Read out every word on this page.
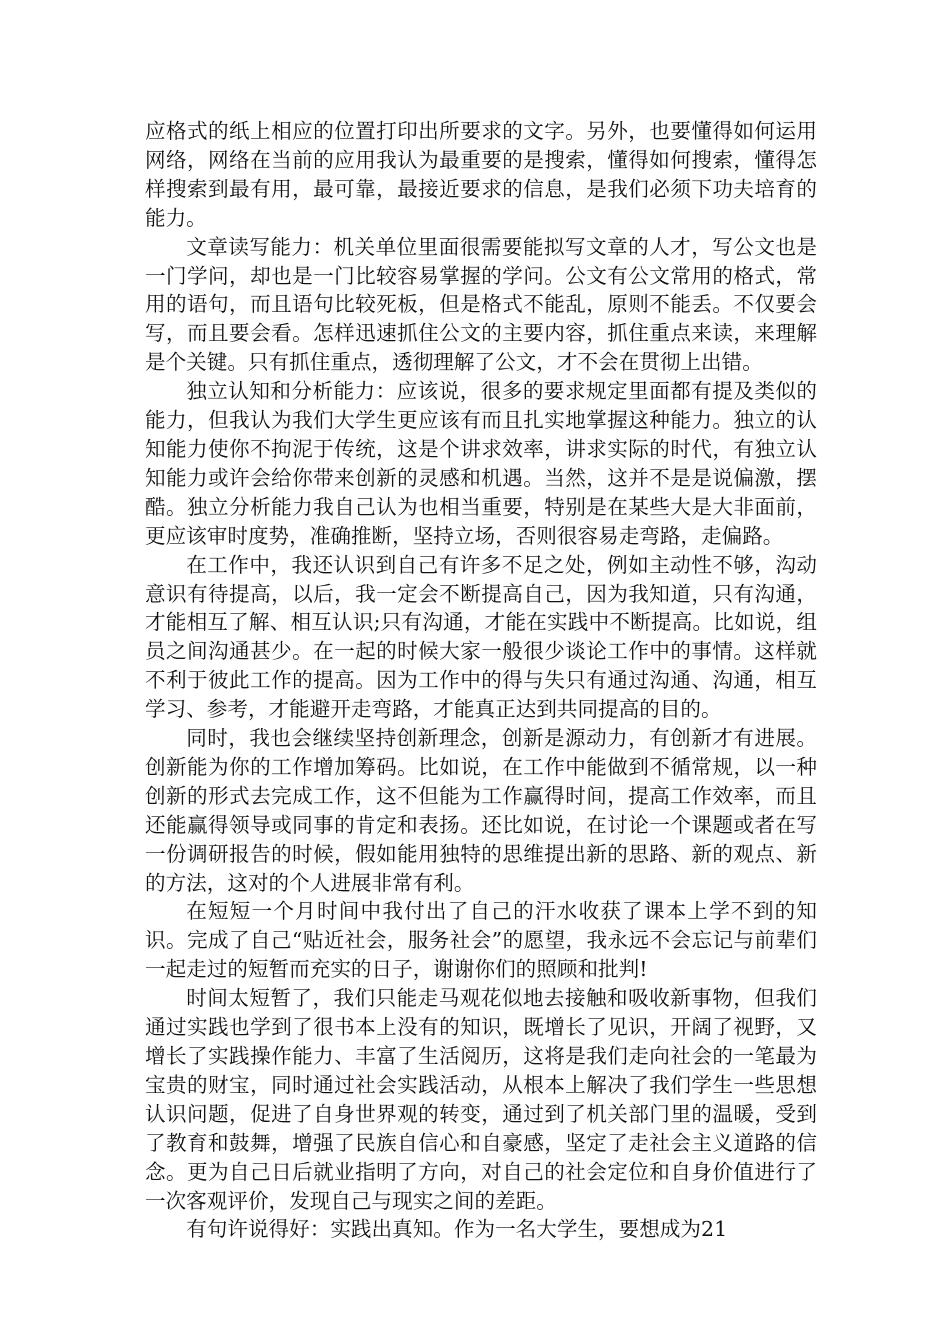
应格式的纸上相应的位置打印出所要求的文字。另外，也要懂得如何运用网络，网络在当前的应用我认为最重要的是搜索，懂得如何搜索，懂得怎样搜索到最有用，最可靠，最接近要求的信息，是我们必须下功夫培育的能力。

文章读写能力：机关单位里面很需要能拟写文章的人才，写公文也是一门学问，却也是一门比较容易掌握的学问。公文有公文常用的格式，常用的语句，而且语句比较死板，但是格式不能乱，原则不能丢。不仅要会写，而且要会看。怎样迅速抓住公文的主要内容，抓住重点来读，来理解是个关键。只有抓住重点，透彻理解了公文，才不会在贯彻上出错。

独立认知和分析能力：应该说，很多的要求规定里面都有提及类似的能力，但我认为我们大学生更应该有而且扎实地掌握这种能力。独立的认知能力使你不拘泥于传统，这是个讲求效率，讲求实际的时代，有独立认知能力或许会给你带来创新的灵感和机遇。当然，这并不是是说偏激，摆酷。独立分析能力我自己认为也相当重要，特别是在某些大是大非面前，更应该审时度势，准确推断，坚持立场，否则很容易走弯路，走偏路。

在工作中，我还认识到自己有许多不足之处，例如主动性不够，沟动意识有待提高，以后，我一定会不断提高自己，因为我知道，只有沟通，才能相互了解、相互认识;只有沟通，才能在实践中不断提高。比如说，组员之间沟通甚少。在一起的时候大家一般很少谈论工作中的事情。这样就不利于彼此工作的提高。因为工作中的得与失只有通过沟通、沟通，相互学习、参考，才能避开走弯路，才能真正达到共同提高的目的。

同时，我也会继续坚持创新理念，创新是源动力，有创新才有进展。创新能为你的工作增加筹码。比如说，在工作中能做到不循常规，以一种创新的形式去完成工作，这不但能为工作赢得时间，提高工作效率，而且还能赢得领导或同事的肯定和表扬。还比如说，在讨论一个课题或者在写一份调研报告的时候，假如能用独特的思维提出新的思路、新的观点、新的方法，这对的个人进展非常有利。

在短短一个月时间中我付出了自己的汗水收获了课本上学不到的知识。完成了自己“贴近社会，服务社会”的愿望，我永远不会忘记与前辈们一起走过的短暂而充实的日子，谢谢你们的照顾和批判!

时间太短暂了，我们只能走马观花似地去接触和吸收新事物，但我们通过实践也学到了很书本上没有的知识，既增长了见识，开阔了视野，又增长了实践操作能力、丰富了生活阅历，这将是我们走向社会的一笔最为宝贵的财宝，同时通过社会实践活动，从根本上解决了我们学生一些思想认识问题，促进了自身世界观的转变，通过到了机关部门里的温暖，受到了教育和鼓舞，增强了民族自信心和自豪感，坚定了走社会主义道路的信念。更为自己日后就业指明了方向，对自己的社会定位和自身价值进行了一次客观评价，发现自己与现实之间的差距。

有句许说得好：实践出真知。作为一名大学生，要想成为21
